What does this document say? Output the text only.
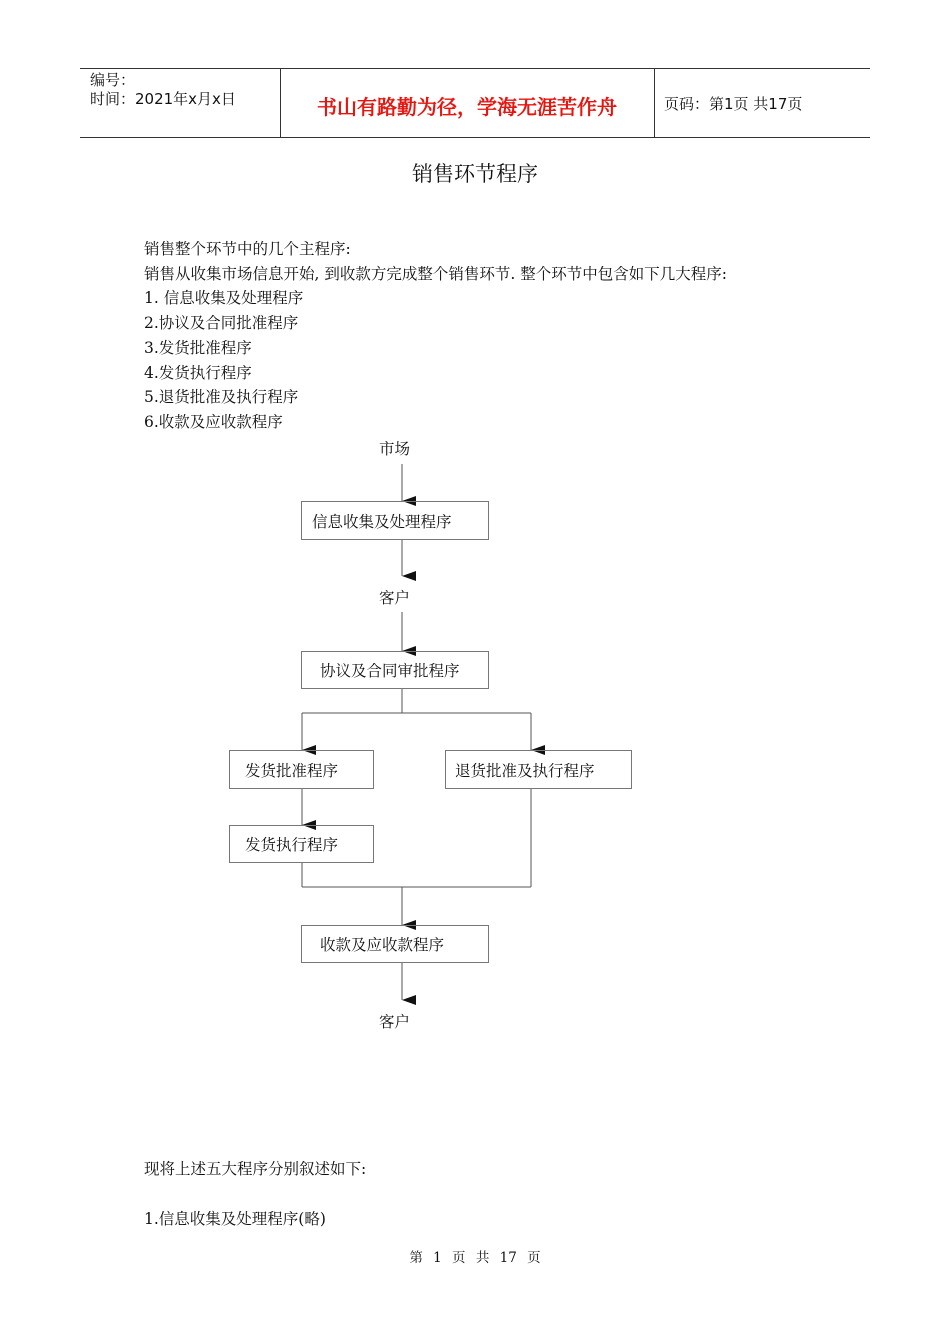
编号：
时间：2021年x月x日	书山有路勤为径，学海无涯苦作舟	页码：第1页 共17页
销售环节程序
销售整个环节中的几个主程序:
销售从收集市场信息开始, 到收款方完成整个销售环节. 整个环节中包含如下几大程序:
1. 信息收集及处理程序
2.协议及合同批准程序
3.发货批准程序
4.发货执行程序
5.退货批准及执行程序
6.收款及应收款程序
市场
信息收集及处理程序
客户
协议及合同审批程序
发货批准程序	退货批准及执行程序
发货执行程序
收款及应收款程序
客户
现将上述五大程序分别叙述如下:
1.信息收集及处理程序(略)
第 1 页 共 17 页
